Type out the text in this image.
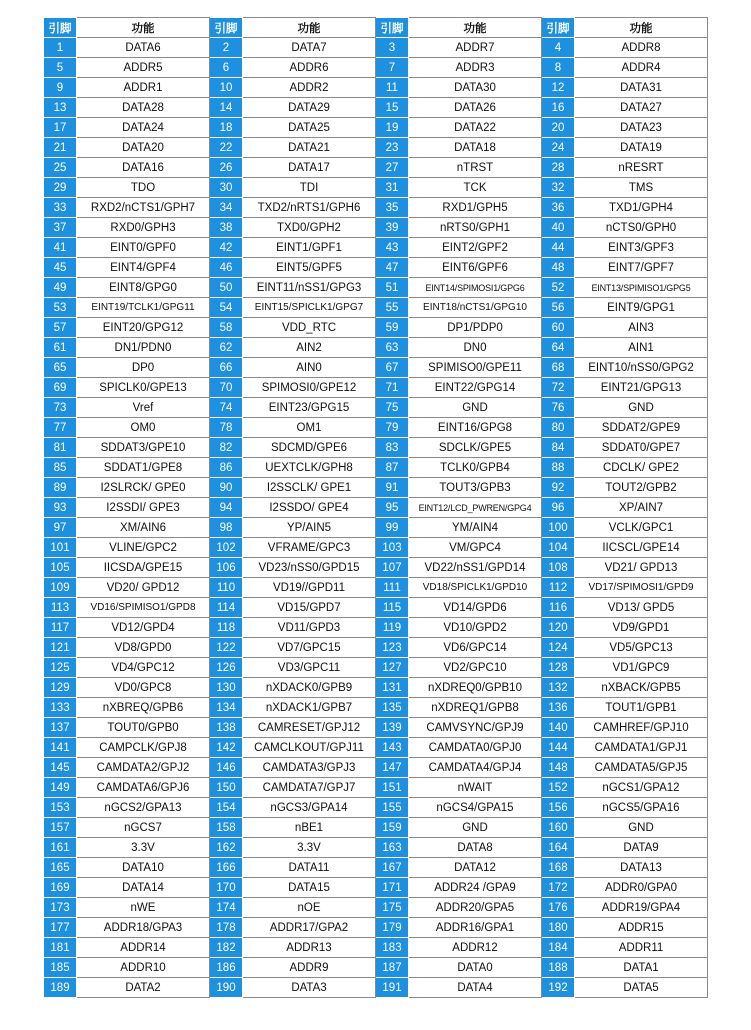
引脚	功能	引脚	功能	引脚	功能	引脚	功能
1	DATA6	2	DATA7	3	ADDR7	4	ADDR8
5	ADDR5	6	ADDR6	7	ADDR3	8	ADDR4
9	ADDR1	10	ADDR2	11	DATA30	12	DATA31
13	DATA28	14	DATA29	15	DATA26	16	DATA27
17	DATA24	18	DATA25	19	DATA22	20	DATA23
21	DATA20	22	DATA21	23	DATA18	24	DATA19
25	DATA16	26	DATA17	27	nTRST	28	nRESRT
29	TDO	30	TDI	31	TCK	32	TMS
33	RXD2/nCTS1/GPH7	34	TXD2/nRTS1/GPH6	35	RXD1/GPH5	36	TXD1/GPH4
37	RXD0/GPH3	38	TXD0/GPH2	39	nRTS0/GPH1	40	nCTS0/GPH0
41	EINT0/GPF0	42	EINT1/GPF1	43	EINT2/GPF2	44	EINT3/GPF3
45	EINT4/GPF4	46	EINT5/GPF5	47	EINT6/GPF6	48	EINT7/GPF7
49	EINT8/GPG0	50	EINT11/nSS1/GPG3	51	EINT14/SPIMOSI1/GPG6	52	EINT13/SPIMISO1/GPG5
53	EINT19/TCLK1/GPG11	54	EINT15/SPICLK1/GPG7	55	EINT18/nCTS1/GPG10	56	EINT9/GPG1
57	EINT20/GPG12	58	VDD_RTC	59	DP1/PDP0	60	AIN3
61	DN1/PDN0	62	AIN2	63	DN0	64	AIN1
65	DP0	66	AIN0	67	SPIMISO0/GPE11	68	EINT10/nSS0/GPG2
69	SPICLK0/GPE13	70	SPIMOSI0/GPE12	71	EINT22/GPG14	72	EINT21/GPG13
73	Vref	74	EINT23/GPG15	75	GND	76	GND
77	OM0	78	OM1	79	EINT16/GPG8	80	SDDAT2/GPE9
81	SDDAT3/GPE10	82	SDCMD/GPE6	83	SDCLK/GPE5	84	SDDAT0/GPE7
85	SDDAT1/GPE8	86	UEXTCLK/GPH8	87	TCLK0/GPB4	88	CDCLK/ GPE2
89	I2SLRCK/ GPE0	90	I2SSCLK/ GPE1	91	TOUT3/GPB3	92	TOUT2/GPB2
93	I2SSDI/ GPE3	94	I2SSDO/ GPE4	95	EINT12/LCD_PWREN/GPG4	96	XP/AIN7
97	XM/AIN6	98	YP/AIN5	99	YM/AIN4	100	VCLK/GPC1
101	VLINE/GPC2	102	VFRAME/GPC3	103	VM/GPC4	104	IICSCL/GPE14
105	IICSDA/GPE15	106	VD23/nSS0/GPD15	107	VD22/nSS1/GPD14	108	VD21/ GPD13
109	VD20/ GPD12	110	VD19//GPD11	111	VD18/SPICLK1/GPD10	112	VD17/SPIMOSI1/GPD9
113	VD16/SPIMISO1/GPD8	114	VD15/GPD7	115	VD14/GPD6	116	VD13/ GPD5
117	VD12/GPD4	118	VD11/GPD3	119	VD10/GPD2	120	VD9/GPD1
121	VD8/GPD0	122	VD7/GPC15	123	VD6/GPC14	124	VD5/GPC13
125	VD4/GPC12	126	VD3/GPC11	127	VD2/GPC10	128	VD1/GPC9
129	VD0/GPC8	130	nXDACK0/GPB9	131	nXDREQ0/GPB10	132	nXBACK/GPB5
133	nXBREQ/GPB6	134	nXDACK1/GPB7	135	nXDREQ1/GPB8	136	TOUT1/GPB1
137	TOUT0/GPB0	138	CAMRESET/GPJ12	139	CAMVSYNC/GPJ9	140	CAMHREF/GPJ10
141	CAMPCLK/GPJ8	142	CAMCLKOUT/GPJ11	143	CAMDATA0/GPJ0	144	CAMDATA1/GPJ1
145	CAMDATA2/GPJ2	146	CAMDATA3/GPJ3	147	CAMDATA4/GPJ4	148	CAMDATA5/GPJ5
149	CAMDATA6/GPJ6	150	CAMDATA7/GPJ7	151	nWAIT	152	nGCS1/GPA12
153	nGCS2/GPA13	154	nGCS3/GPA14	155	nGCS4/GPA15	156	nGCS5/GPA16
157	nGCS7	158	nBE1	159	GND	160	GND
161	3.3V	162	3.3V	163	DATA8	164	DATA9
165	DATA10	166	DATA11	167	DATA12	168	DATA13
169	DATA14	170	DATA15	171	ADDR24 /GPA9	172	ADDR0/GPA0
173	nWE	174	nOE	175	ADDR20/GPA5	176	ADDR19/GPA4
177	ADDR18/GPA3	178	ADDR17/GPA2	179	ADDR16/GPA1	180	ADDR15
181	ADDR14	182	ADDR13	183	ADDR12	184	ADDR11
185	ADDR10	186	ADDR9	187	DATA0	188	DATA1
189	DATA2	190	DATA3	191	DATA4	192	DATA5
